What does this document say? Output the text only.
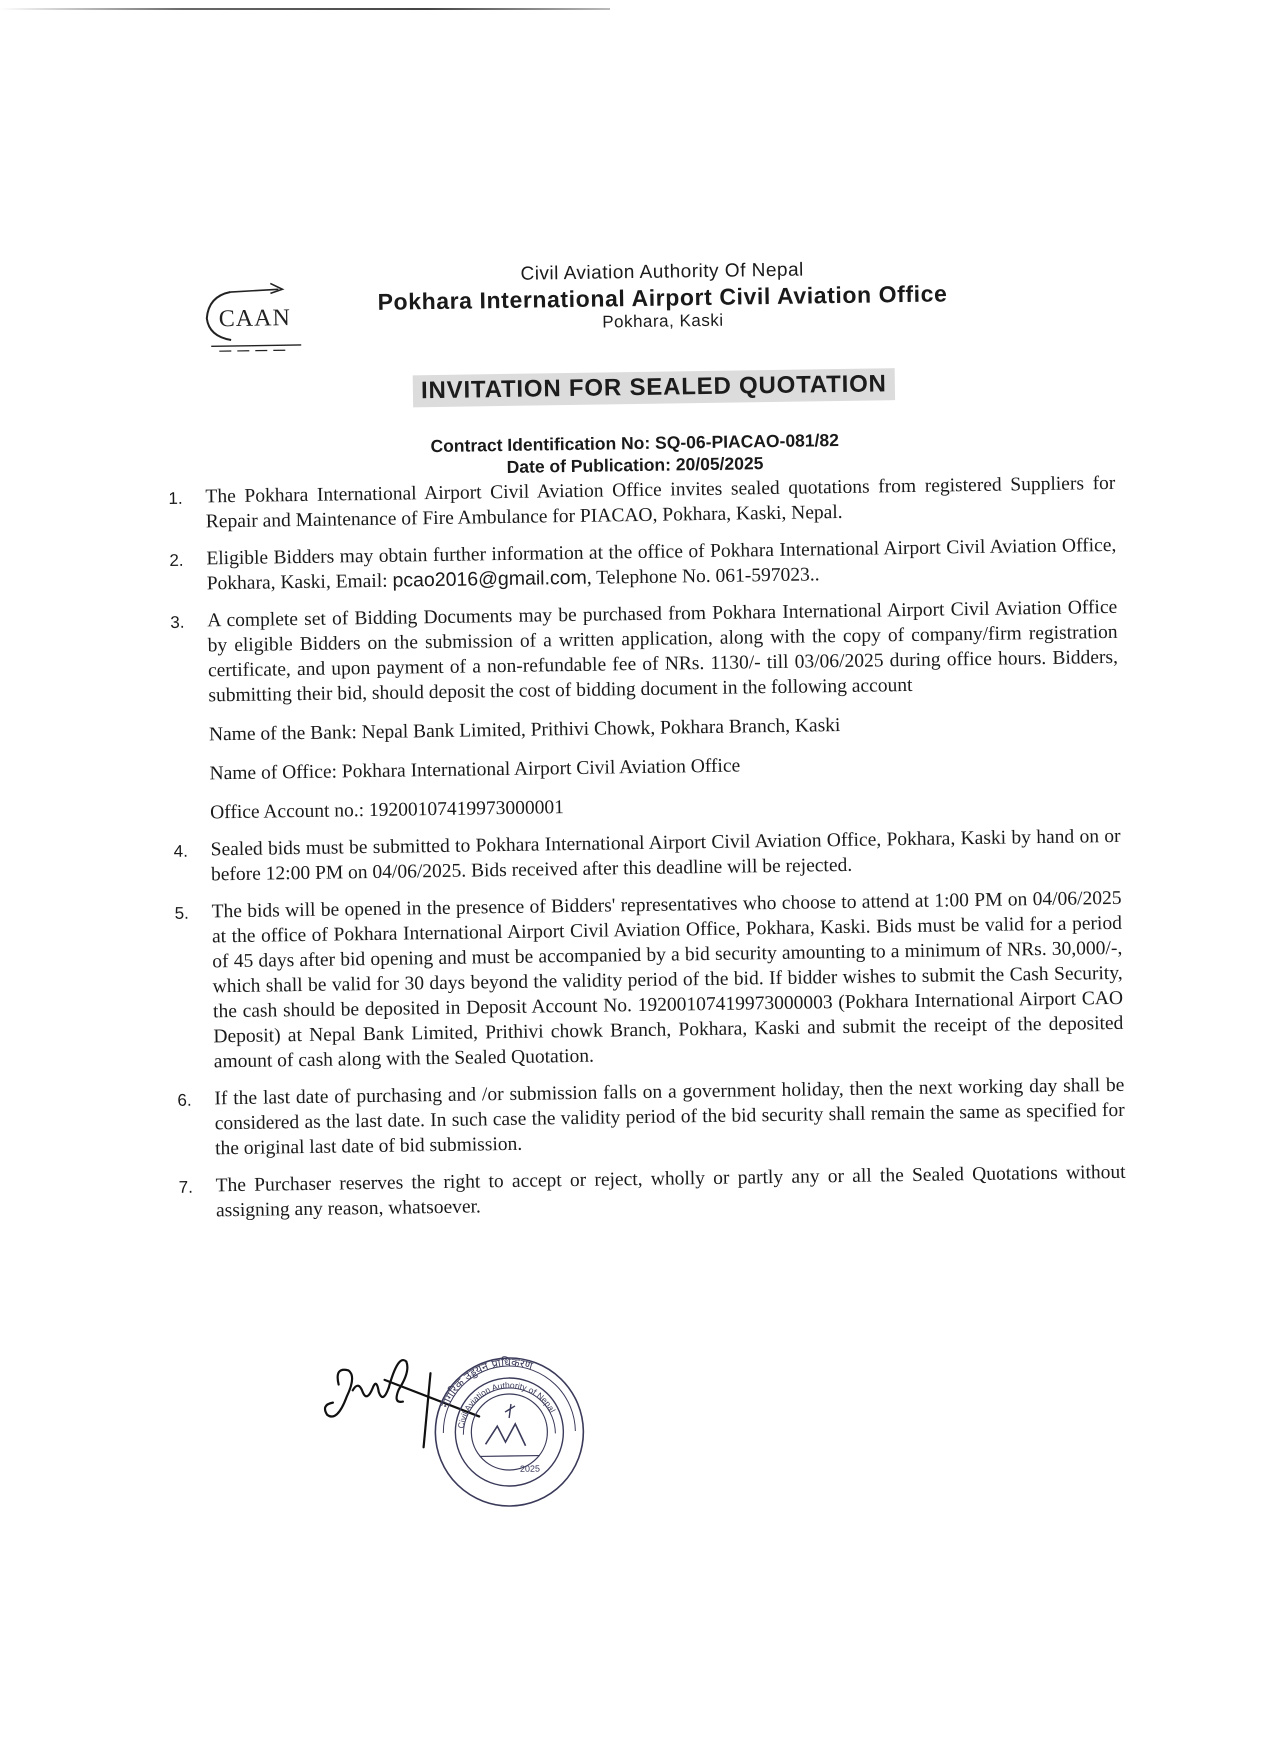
CAAN
Civil Aviation Authority Of Nepal
Pokhara International Airport Civil Aviation Office
Pokhara, Kaski
INVITATION FOR SEALED QUOTATION
Contract Identification No: SQ-06-PIACAO-081/82
Date of Publication: 20/05/2025
1. The Pokhara International Airport Civil Aviation Office invites sealed quotations from registered Suppliers for Repair and Maintenance of Fire Ambulance for PIACAO, Pokhara, Kaski, Nepal.
2. Eligible Bidders may obtain further information at the office of Pokhara International Airport Civil Aviation Office, Pokhara, Kaski, Email: pcao2016@gmail.com, Telephone No. 061-597023..
3. A complete set of Bidding Documents may be purchased from Pokhara International Airport Civil Aviation Office by eligible Bidders on the submission of a written application, along with the copy of company/firm registration certificate, and upon payment of a non-refundable fee of NRs. 1130/- till 03/06/2025 during office hours. Bidders, submitting their bid, should deposit the cost of bidding document in the following account
Name of the Bank: Nepal Bank Limited, Prithivi Chowk, Pokhara Branch, Kaski
Name of Office: Pokhara International Airport Civil Aviation Office
Office Account no.: 19200107419973000001
4. Sealed bids must be submitted to Pokhara International Airport Civil Aviation Office, Pokhara, Kaski by hand on or before 12:00 PM on 04/06/2025. Bids received after this deadline will be rejected.
5. The bids will be opened in the presence of Bidders' representatives who choose to attend at 1:00 PM on 04/06/2025 at the office of Pokhara International Airport Civil Aviation Office, Pokhara, Kaski. Bids must be valid for a period of 45 days after bid opening and must be accompanied by a bid security amounting to a minimum of NRs. 30,000/-, which shall be valid for 30 days beyond the validity period of the bid. If bidder wishes to submit the Cash Security, the cash should be deposited in Deposit Account No. 19200107419973000003 (Pokhara International Airport CAO Deposit) at Nepal Bank Limited, Prithivi chowk Branch, Pokhara, Kaski and submit the receipt of the deposited amount of cash along with the Sealed Quotation.
6. If the last date of purchasing and /or submission falls on a government holiday, then the next working day shall be considered as the last date. In such case the validity period of the bid security shall remain the same as specified for the original last date of bid submission.
7. The Purchaser reserves the right to accept or reject, wholly or partly any or all the Sealed Quotations without assigning any reason, whatsoever.
नागरिक उड्डयन प्राधिकरण
Civil Aviation Authority of Nepal
2025
